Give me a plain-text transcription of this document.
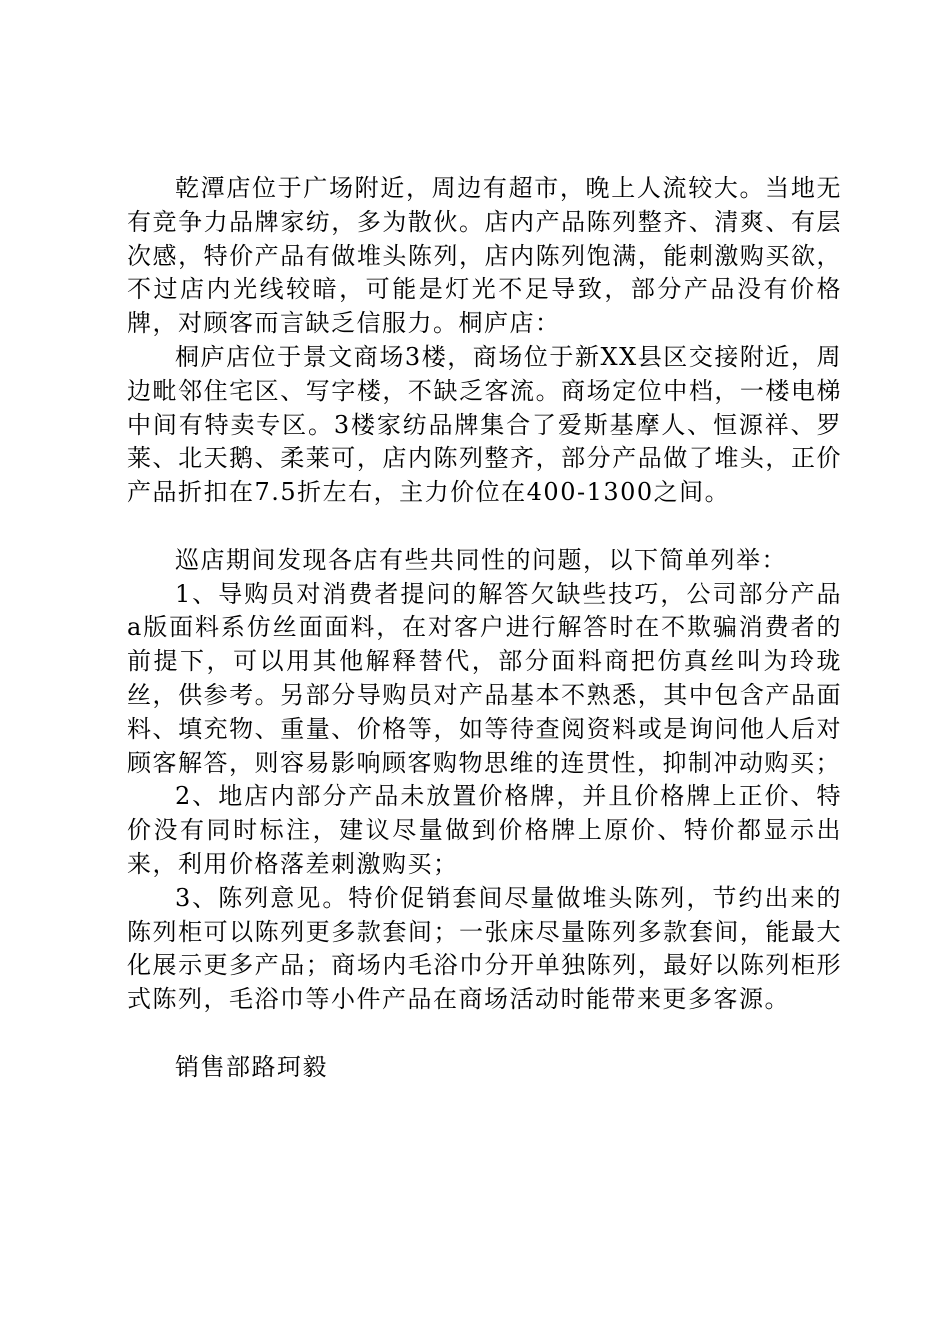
乾潭店位于广场附近，周边有超市，晚上人流较大。当地无有竞争力品牌家纺，多为散伙。店内产品陈列整齐、清爽、有层次感，特价产品有做堆头陈列，店内陈列饱满，能刺激购买欲，不过店内光线较暗，可能是灯光不足导致，部分产品没有价格牌，对顾客而言缺乏信服力。桐庐店：

桐庐店位于景文商场3楼，商场位于新XX县区交接附近，周边毗邻住宅区、写字楼，不缺乏客流。商场定位中档，一楼电梯中间有特卖专区。3楼家纺品牌集合了爱斯基摩人、恒源祥、罗莱、北天鹅、柔莱可，店内陈列整齐，部分产品做了堆头，正价产品折扣在7.5折左右，主力价位在400-1300之间。

巡店期间发现各店有些共同性的问题，以下简单列举：

1、导购员对消费者提问的解答欠缺些技巧，公司部分产品a版面料系仿丝面面料，在对客户进行解答时在不欺骗消费者的前提下，可以用其他解释替代，部分面料商把仿真丝叫为玲珑丝，供参考。另部分导购员对产品基本不熟悉，其中包含产品面料、填充物、重量、价格等，如等待查阅资料或是询问他人后对顾客解答，则容易影响顾客购物思维的连贯性，抑制冲动购买；

2、地店内部分产品未放置价格牌，并且价格牌上正价、特价没有同时标注，建议尽量做到价格牌上原价、特价都显示出来，利用价格落差刺激购买；

3、陈列意见。特价促销套间尽量做堆头陈列，节约出来的陈列柜可以陈列更多款套间；一张床尽量陈列多款套间，能最大化展示更多产品；商场内毛浴巾分开单独陈列，最好以陈列柜形式陈列，毛浴巾等小件产品在商场活动时能带来更多客源。

销售部路珂毅
